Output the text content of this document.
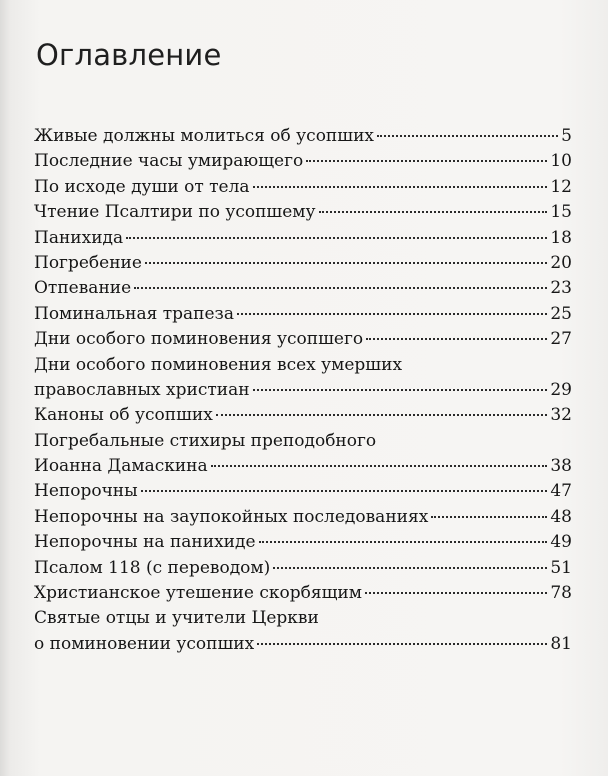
Оглавление
Живые должны молиться об усопших	5
Последние часы умирающего	10
По исходе души от тела	12
Чтение Псалтири по усопшему	15
Панихида	18
Погребение	20
Отпевание	23
Поминальная трапеза	25
Дни особого поминовения усопшего	27
Дни особого поминовения всех умерших
православных христиан	29
Каноны об усопших	32
Погребальные стихиры преподобного
Иоанна Дамаскина	38
Непорочны	47
Непорочны на заупокойных последованиях	48
Непорочны на панихиде	49
Псалом 118 (с переводом)	51
Христианское утешение скорбящим	78
Святые отцы и учители Церкви
о поминовении усопших	81
